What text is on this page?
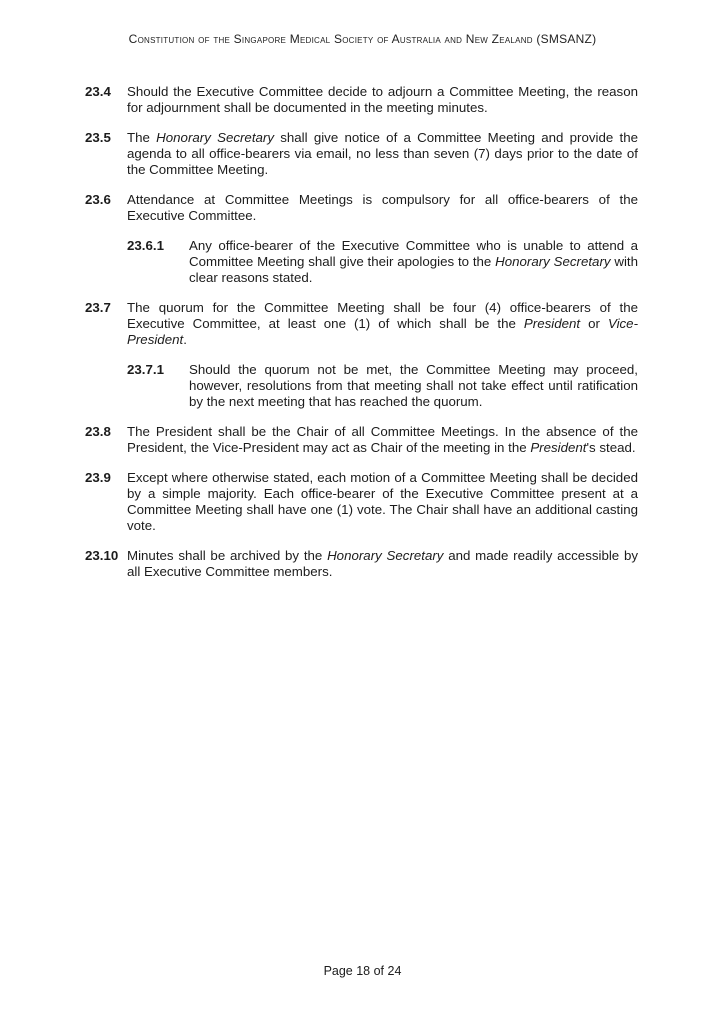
Constitution of the Singapore Medical Society of Australia and New Zealand (SMSANZ)
23.4	Should the Executive Committee decide to adjourn a Committee Meeting, the reason for adjournment shall be documented in the meeting minutes.

23.5	The Honorary Secretary shall give notice of a Committee Meeting and provide the agenda to all office-bearers via email, no less than seven (7) days prior to the date of the Committee Meeting.

23.6	Attendance at Committee Meetings is compulsory for all office-bearers of the Executive Committee.

23.6.1	Any office-bearer of the Executive Committee who is unable to attend a Committee Meeting shall give their apologies to the Honorary Secretary with clear reasons stated.

23.7	The quorum for the Committee Meeting shall be four (4) office-bearers of the Executive Committee, at least one (1) of which shall be the President or Vice- President.

23.7.1	Should the quorum not be met, the Committee Meeting may proceed, however, resolutions from that meeting shall not take effect until ratification by the next meeting that has reached the quorum.

23.8	The President shall be the Chair of all Committee Meetings. In the absence of the President, the Vice-President may act as Chair of the meeting in the President's stead.

23.9	Except where otherwise stated, each motion of a Committee Meeting shall be decided by a simple majority. Each office-bearer of the Executive Committee present at a Committee Meeting shall have one (1) vote. The Chair shall have an additional casting vote.

23.10 Minutes shall be archived by the Honorary Secretary and made readily accessible by all Executive Committee members.

Page 18 of 24
